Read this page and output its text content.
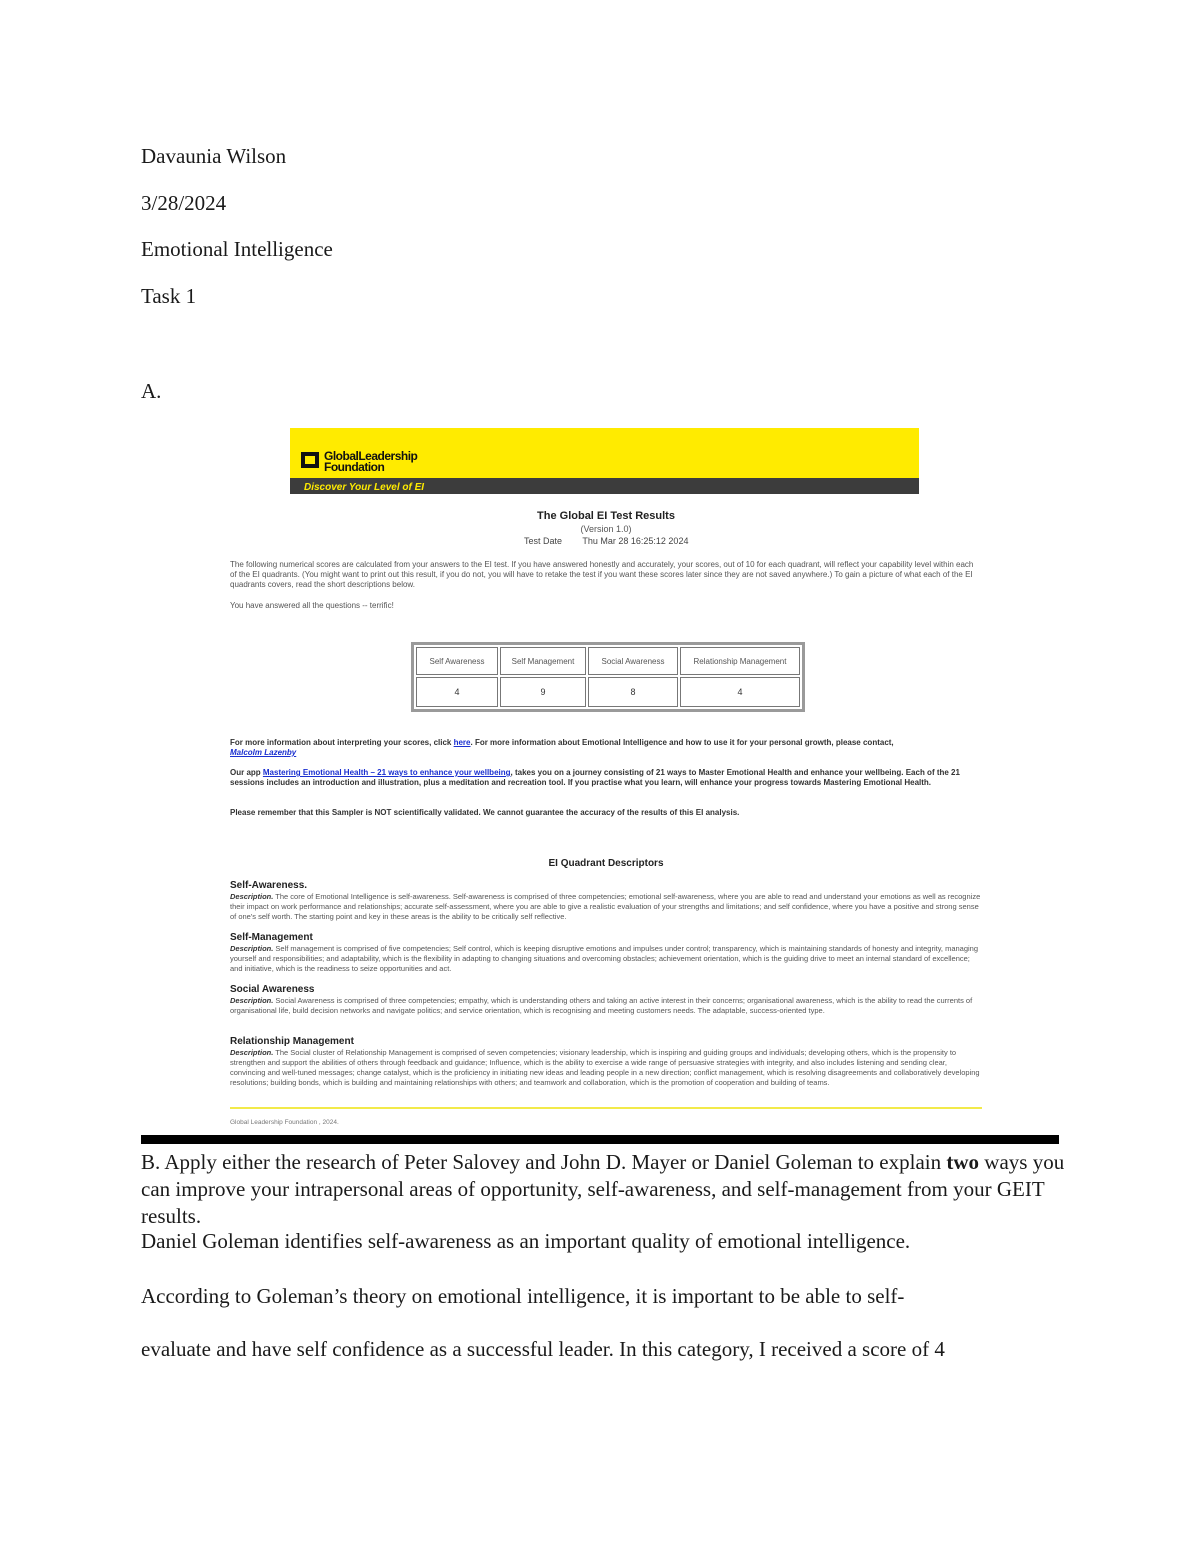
Davaunia Wilson
3/28/2024
Emotional Intelligence
Task 1
A.
GlobalLeadership
Foundation
Discover Your Level of EI
The Global EI Test Results
(Version 1.0)
Test Date Thu Mar 28 16:25:12 2024
The following numerical scores are calculated from your answers to the EI test. If you have answered honestly and accurately, your scores, out of 10 for each quadrant, will reflect your capability level within each of the EI quadrants. (You might want to print out this result, if you do not, you will have to retake the test if you want these scores later since they are not saved anywhere.) To gain a picture of what each of the EI quadrants covers, read the short descriptions below.
You have answered all the questions -- terrific!
Self Awareness	Self Management	Social Awareness	Relationship Management
4	9	8	4
For more information about interpreting your scores, click here. For more information about Emotional Intelligence and how to use it for your personal growth, please contact,
Malcolm Lazenby
Our app Mastering Emotional Health – 21 ways to enhance your wellbeing, takes you on a journey consisting of 21 ways to Master Emotional Health and enhance your wellbeing. Each of the 21 sessions includes an introduction and illustration, plus a meditation and recreation tool. If you practise what you learn, will enhance your progress towards Mastering Emotional Health.
Please remember that this Sampler is NOT scientifically validated. We cannot guarantee the accuracy of the results of this EI analysis.
EI Quadrant Descriptors
Self-Awareness.
Description. The core of Emotional Intelligence is self-awareness. Self-awareness is comprised of three competencies; emotional self-awareness, where you are able to read and understand your emotions as well as recognize their impact on work performance and relationships; accurate self-assessment, where you are able to give a realistic evaluation of your strengths and limitations; and self confidence, where you have a positive and strong sense of one's self worth. The starting point and key in these areas is the ability to be critically self reflective.
Self-Management
Description. Self management is comprised of five competencies; Self control, which is keeping disruptive emotions and impulses under control; transparency, which is maintaining standards of honesty and integrity, managing yourself and responsibilities; and adaptability, which is the flexibility in adapting to changing situations and overcoming obstacles; achievement orientation, which is the guiding drive to meet an internal standard of excellence; and initiative, which is the readiness to seize opportunities and act.
Social Awareness
Description. Social Awareness is comprised of three competencies; empathy, which is understanding others and taking an active interest in their concerns; organisational awareness, which is the ability to read the currents of organisational life, build decision networks and navigate politics; and service orientation, which is recognising and meeting customers needs. The adaptable, success-oriented type.
Relationship Management
Description. The Social cluster of Relationship Management is comprised of seven competencies; visionary leadership, which is inspiring and guiding groups and individuals; developing others, which is the propensity to strengthen and support the abilities of others through feedback and guidance; Influence, which is the ability to exercise a wide range of persuasive strategies with integrity, and also includes listening and sending clear, convincing and well-tuned messages; change catalyst, which is the proficiency in initiating new ideas and leading people in a new direction; conflict management, which is resolving disagreements and collaboratively developing resolutions; building bonds, which is building and maintaining relationships with others; and teamwork and collaboration, which is the promotion of cooperation and building of teams.
Global Leadership Foundation , 2024.
B. Apply either the research of Peter Salovey and John D. Mayer or Daniel Goleman to explain two ways you can improve your intrapersonal areas of opportunity, self-awareness, and self-management from your GEIT results.
Daniel Goleman identifies self-awareness as an important quality of emotional intelligence.
According to Goleman’s theory on emotional intelligence, it is important to be able to self-
evaluate and have self confidence as a successful leader. In this category, I received a score of 4
